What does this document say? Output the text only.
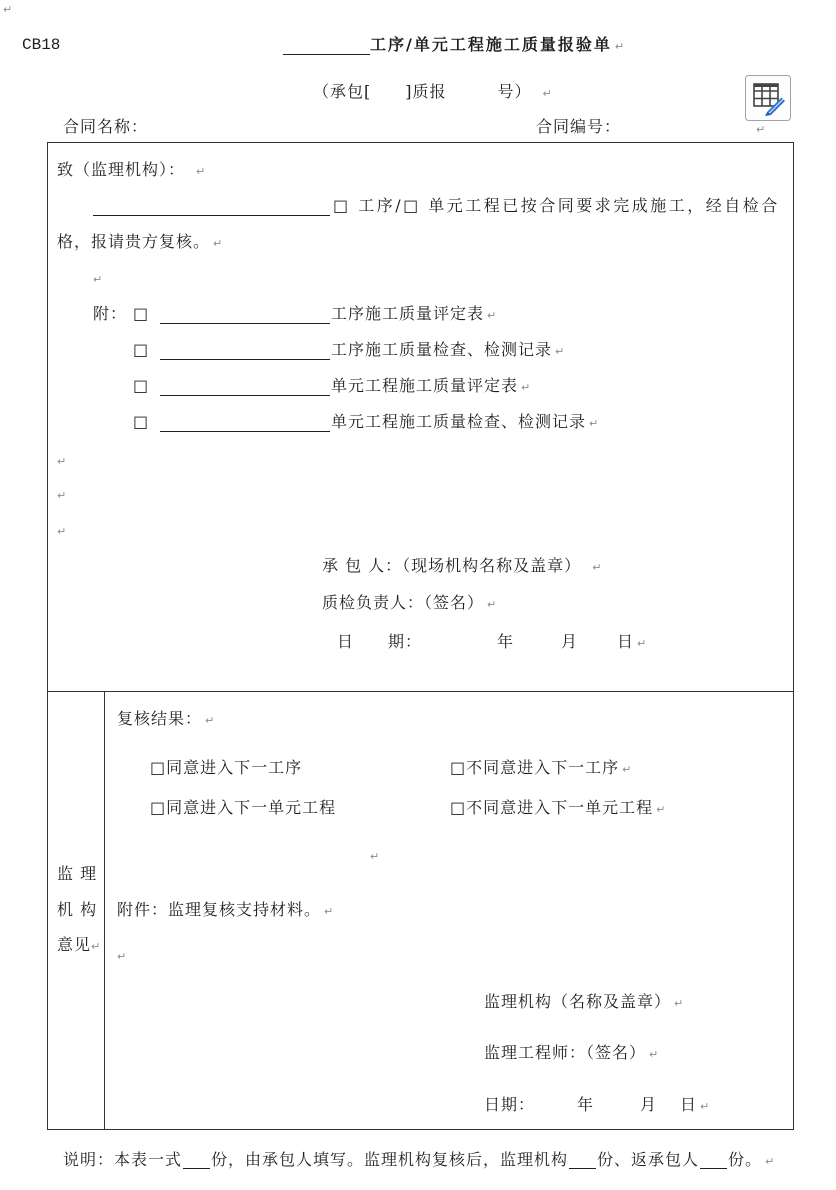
↵
CB18	工序/单元工程施工质量报验单 ↵
（承包[　　]质报　　　号） ↵
合同名称：	合同编号：	↵
致（监理机构）： ↵
□ 工序/□ 单元工程已按合同要求完成施工，经自检合
格，报请贵方复核。 ↵
↵
附： □	工序施工质量评定表 ↵
□	工序施工质量检查、检测记录 ↵
□	单元工程施工质量评定表 ↵
□	单元工程施工质量检查、检测记录 ↵
↵
↵
↵
承 包 人：（现场机构名称及盖章） ↵
质检负责人：（签名） ↵
日　　期：	年	月 日 ↵
监 理
机 构
意见↵
复核结果： ↵
□同意进入下一工序	□不同意进入下一工序 ↵
□同意进入下一单元工程	□不同意进入下一单元工程 ↵
↵
附件：监理复核支持材料。 ↵
↵
监理机构（名称及盖章） ↵
监理工程师：（签名） ↵
日期：	年	月 日 ↵
说明：本表一式 份，由承包人填写。监理机构复核后，监理机构 份、返承包人 份。 ↵
